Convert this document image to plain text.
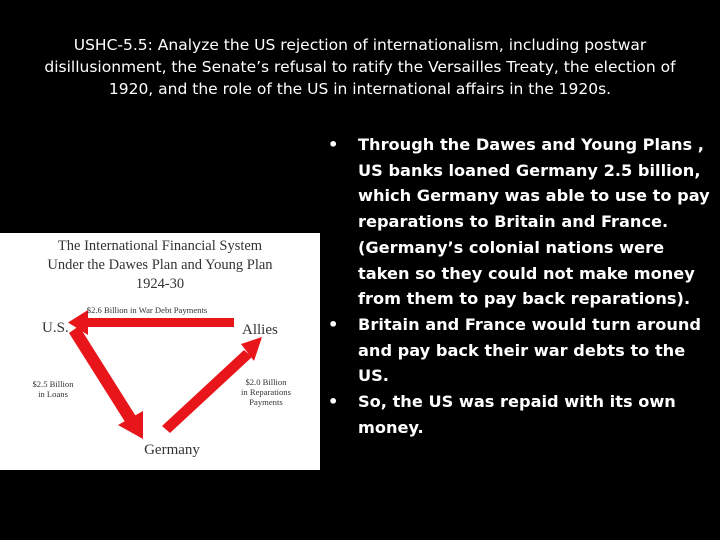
USHC-5.5: Analyze the US rejection of internationalism, including postwar disillusionment, the Senate’s refusal to ratify the Versailles Treaty, the election of 1920, and the role of the US in international affairs in the 1920s.
•	Through the Dawes and Young Plans , US banks loaned Germany 2.5 billion, which Germany was able to use to pay reparations to Britain and France. (Germany’s colonial nations were taken so they could not make money from them to pay back reparations).
•	Britain and France would turn around and pay back their war debts to the US.
•	So, the US was repaid with its own money.
The International Financial System
Under the Dawes Plan and Young Plan
1924-30
$2.6 Billion in War Debt Payments
U.S.	Allies
$2.5 Billion
in Loans
$2.0 Billion
in Reparations
Payments
Germany
